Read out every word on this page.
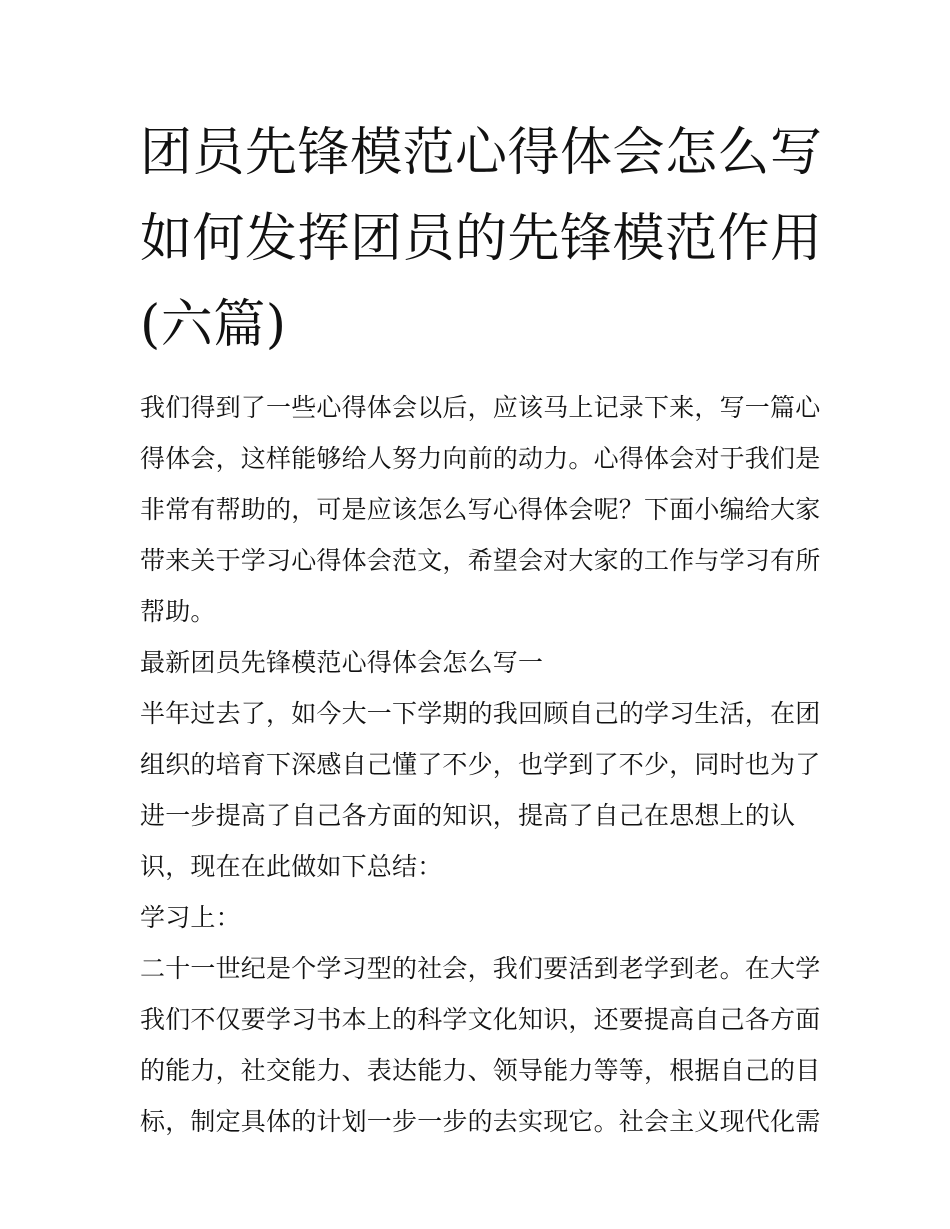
团员先锋模范心得体会怎么写
如何发挥团员的先锋模范作用
(六篇)

我们得到了一些心得体会以后，应该马上记录下来，写一篇心
得体会，这样能够给人努力向前的动力。心得体会对于我们是
非常有帮助的，可是应该怎么写心得体会呢？下面小编给大家
带来关于学习心得体会范文，希望会对大家的工作与学习有所
帮助。

最新团员先锋模范心得体会怎么写一

半年过去了，如今大一下学期的我回顾自己的学习生活，在团
组织的培育下深感自己懂了不少，也学到了不少，同时也为了
进一步提高了自己各方面的知识，提高了自己在思想上的认
识，现在在此做如下总结：

学习上：

二十一世纪是个学习型的社会，我们要活到老学到老。在大学
我们不仅要学习书本上的科学文化知识，还要提高自己各方面
的能力，社交能力、表达能力、领导能力等等，根据自己的目
标，制定具体的计划一步一步的去实现它。社会主义现代化需
